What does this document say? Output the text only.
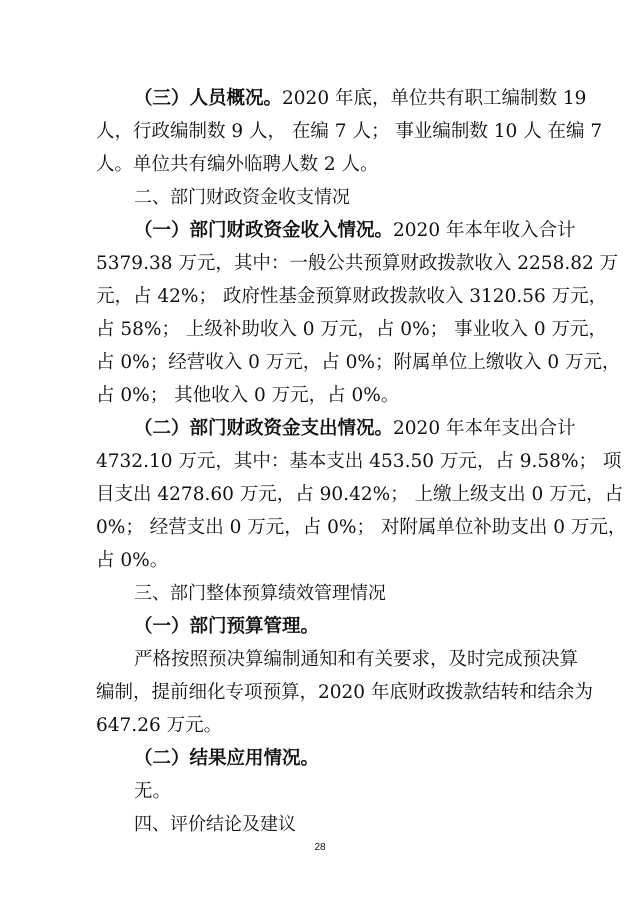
（三）人员概况。2020 年底，单位共有职工编制数 19
人，行政编制数 9 人， 在编 7 人； 事业编制数 10 人 在编 7
人。单位共有编外临聘人数 2 人。
二、部门财政资金收支情况
（一）部门财政资金收入情况。2020 年本年收入合计
5379.38 万元，其中：一般公共预算财政拨款收入 2258.82 万
元，占 42%； 政府性基金预算财政拨款收入 3120.56 万元，
占 58%； 上级补助收入 0 万元，占 0%； 事业收入 0 万元，
占 0%；经营收入 0 万元，占 0%；附属单位上缴收入 0 万元，
占 0%； 其他收入 0 万元，占 0%。
（二）部门财政资金支出情况。2020 年本年支出合计
4732.10 万元，其中：基本支出 453.50 万元，占 9.58%； 项
目支出 4278.60 万元，占 90.42%； 上缴上级支出 0 万元，占
0%； 经营支出 0 万元，占 0%； 对附属单位补助支出 0 万元，
占 0%。
三、部门整体预算绩效管理情况
（一）部门预算管理。
严格按照预决算编制通知和有关要求，及时完成预决算
编制，提前细化专项预算，2020 年底财政拨款结转和结余为
647.26 万元。
（二）结果应用情况。
无。
四、评价结论及建议
28
